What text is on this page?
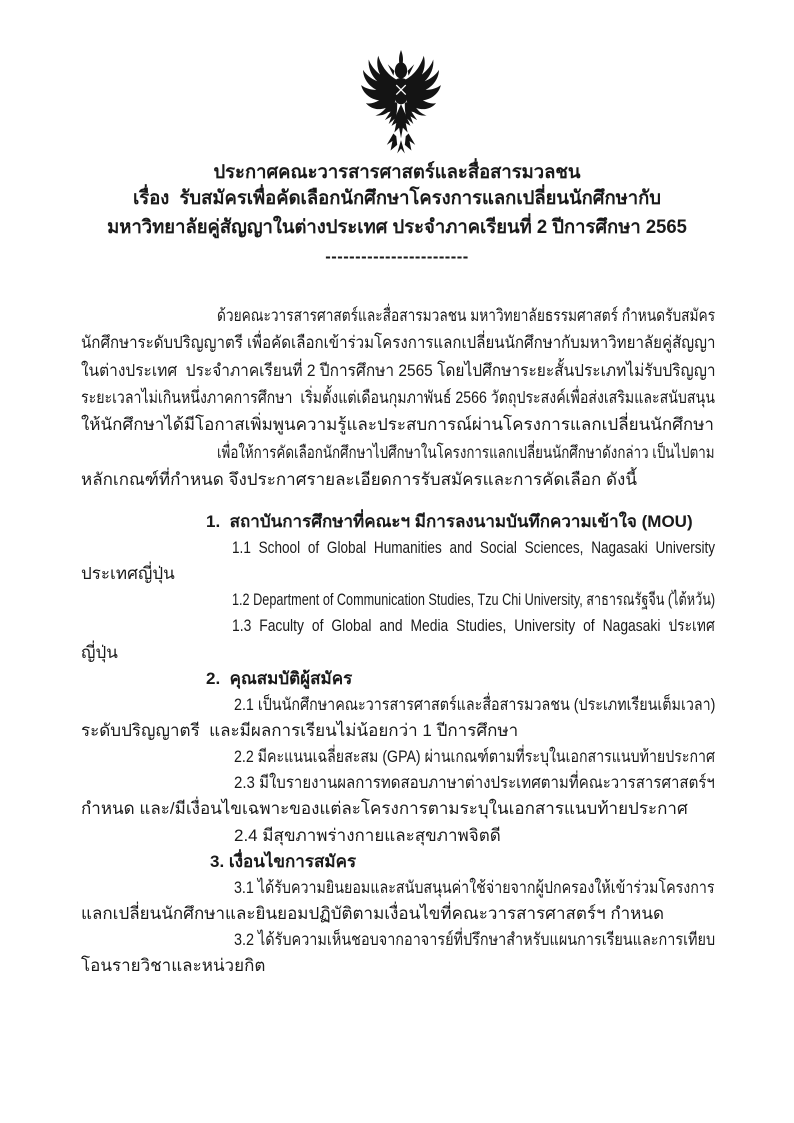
ประกาศคณะวารสารศาสตร์และสื่อสารมวลชน
เรื่อง  รับสมัครเพื่อคัดเลือกนักศึกษาโครงการแลกเปลี่ยนนักศึกษากับ
มหาวิทยาลัยคู่สัญญาในต่างประเทศ ประจำภาคเรียนที่ 2 ปีการศึกษา 2565
------------------------
ด้วยคณะวารสารศาสตร์และสื่อสารมวลชน มหาวิทยาลัยธรรมศาสตร์ กำหนดรับสมัคร
นักศึกษาระดับปริญญาตรี เพื่อคัดเลือกเข้าร่วมโครงการแลกเปลี่ยนนักศึกษากับมหาวิทยาลัยคู่สัญญา
ในต่างประเทศ  ประจำภาคเรียนที่ 2 ปีการศึกษา 2565 โดยไปศึกษาระยะสั้นประเภทไม่รับปริญญา
ระยะเวลาไม่เกินหนึ่งภาคการศึกษา  เริ่มตั้งแต่เดือนกุมภาพันธ์ 2566 วัตถุประสงค์เพื่อส่งเสริมและสนับสนุน
ให้นักศึกษาได้มีโอกาสเพิ่มพูนความรู้และประสบการณ์ผ่านโครงการแลกเปลี่ยนนักศึกษา
เพื่อให้การคัดเลือกนักศึกษาไปศึกษาในโครงการแลกเปลี่ยนนักศึกษาดังกล่าว เป็นไปตาม
หลักเกณฑ์ที่กำหนด จึงประกาศรายละเอียดการรับสมัครและการคัดเลือก ดังนี้
1.  สถาบันการศึกษาที่คณะฯ มีการลงนามบันทึกความเข้าใจ (MOU)
1.1 School of Global Humanities and Social Sciences, Nagasaki University
ประเทศญี่ปุ่น
1.2 Department of Communication Studies, Tzu Chi University, สาธารณรัฐจีน (ไต้หวัน)
1.3 Faculty of Global and Media Studies, University of Nagasaki ประเทศ
ญี่ปุ่น
2.  คุณสมบัติผู้สมัคร
2.1 เป็นนักศึกษาคณะวารสารศาสตร์และสื่อสารมวลชน (ประเภทเรียนเต็มเวลา)
ระดับปริญญาตรี  และมีผลการเรียนไม่น้อยกว่า 1 ปีการศึกษา
2.2 มีคะแนนเฉลี่ยสะสม (GPA) ผ่านเกณฑ์ตามที่ระบุในเอกสารแนบท้ายประกาศ
2.3 มีใบรายงานผลการทดสอบภาษาต่างประเทศตามที่คณะวารสารศาสตร์ฯ
กำหนด และ/มีเงื่อนไขเฉพาะของแต่ละโครงการตามระบุในเอกสารแนบท้ายประกาศ
2.4 มีสุขภาพร่างกายและสุขภาพจิตดี
3. เงื่อนไขการสมัคร
3.1 ได้รับความยินยอมและสนับสนุนค่าใช้จ่ายจากผู้ปกครองให้เข้าร่วมโครงการ
แลกเปลี่ยนนักศึกษาและยินยอมปฏิบัติตามเงื่อนไขที่คณะวารสารศาสตร์ฯ กำหนด
3.2 ได้รับความเห็นชอบจากอาจารย์ที่ปรึกษาสำหรับแผนการเรียนและการเทียบ
โอนรายวิชาและหน่วยกิต
